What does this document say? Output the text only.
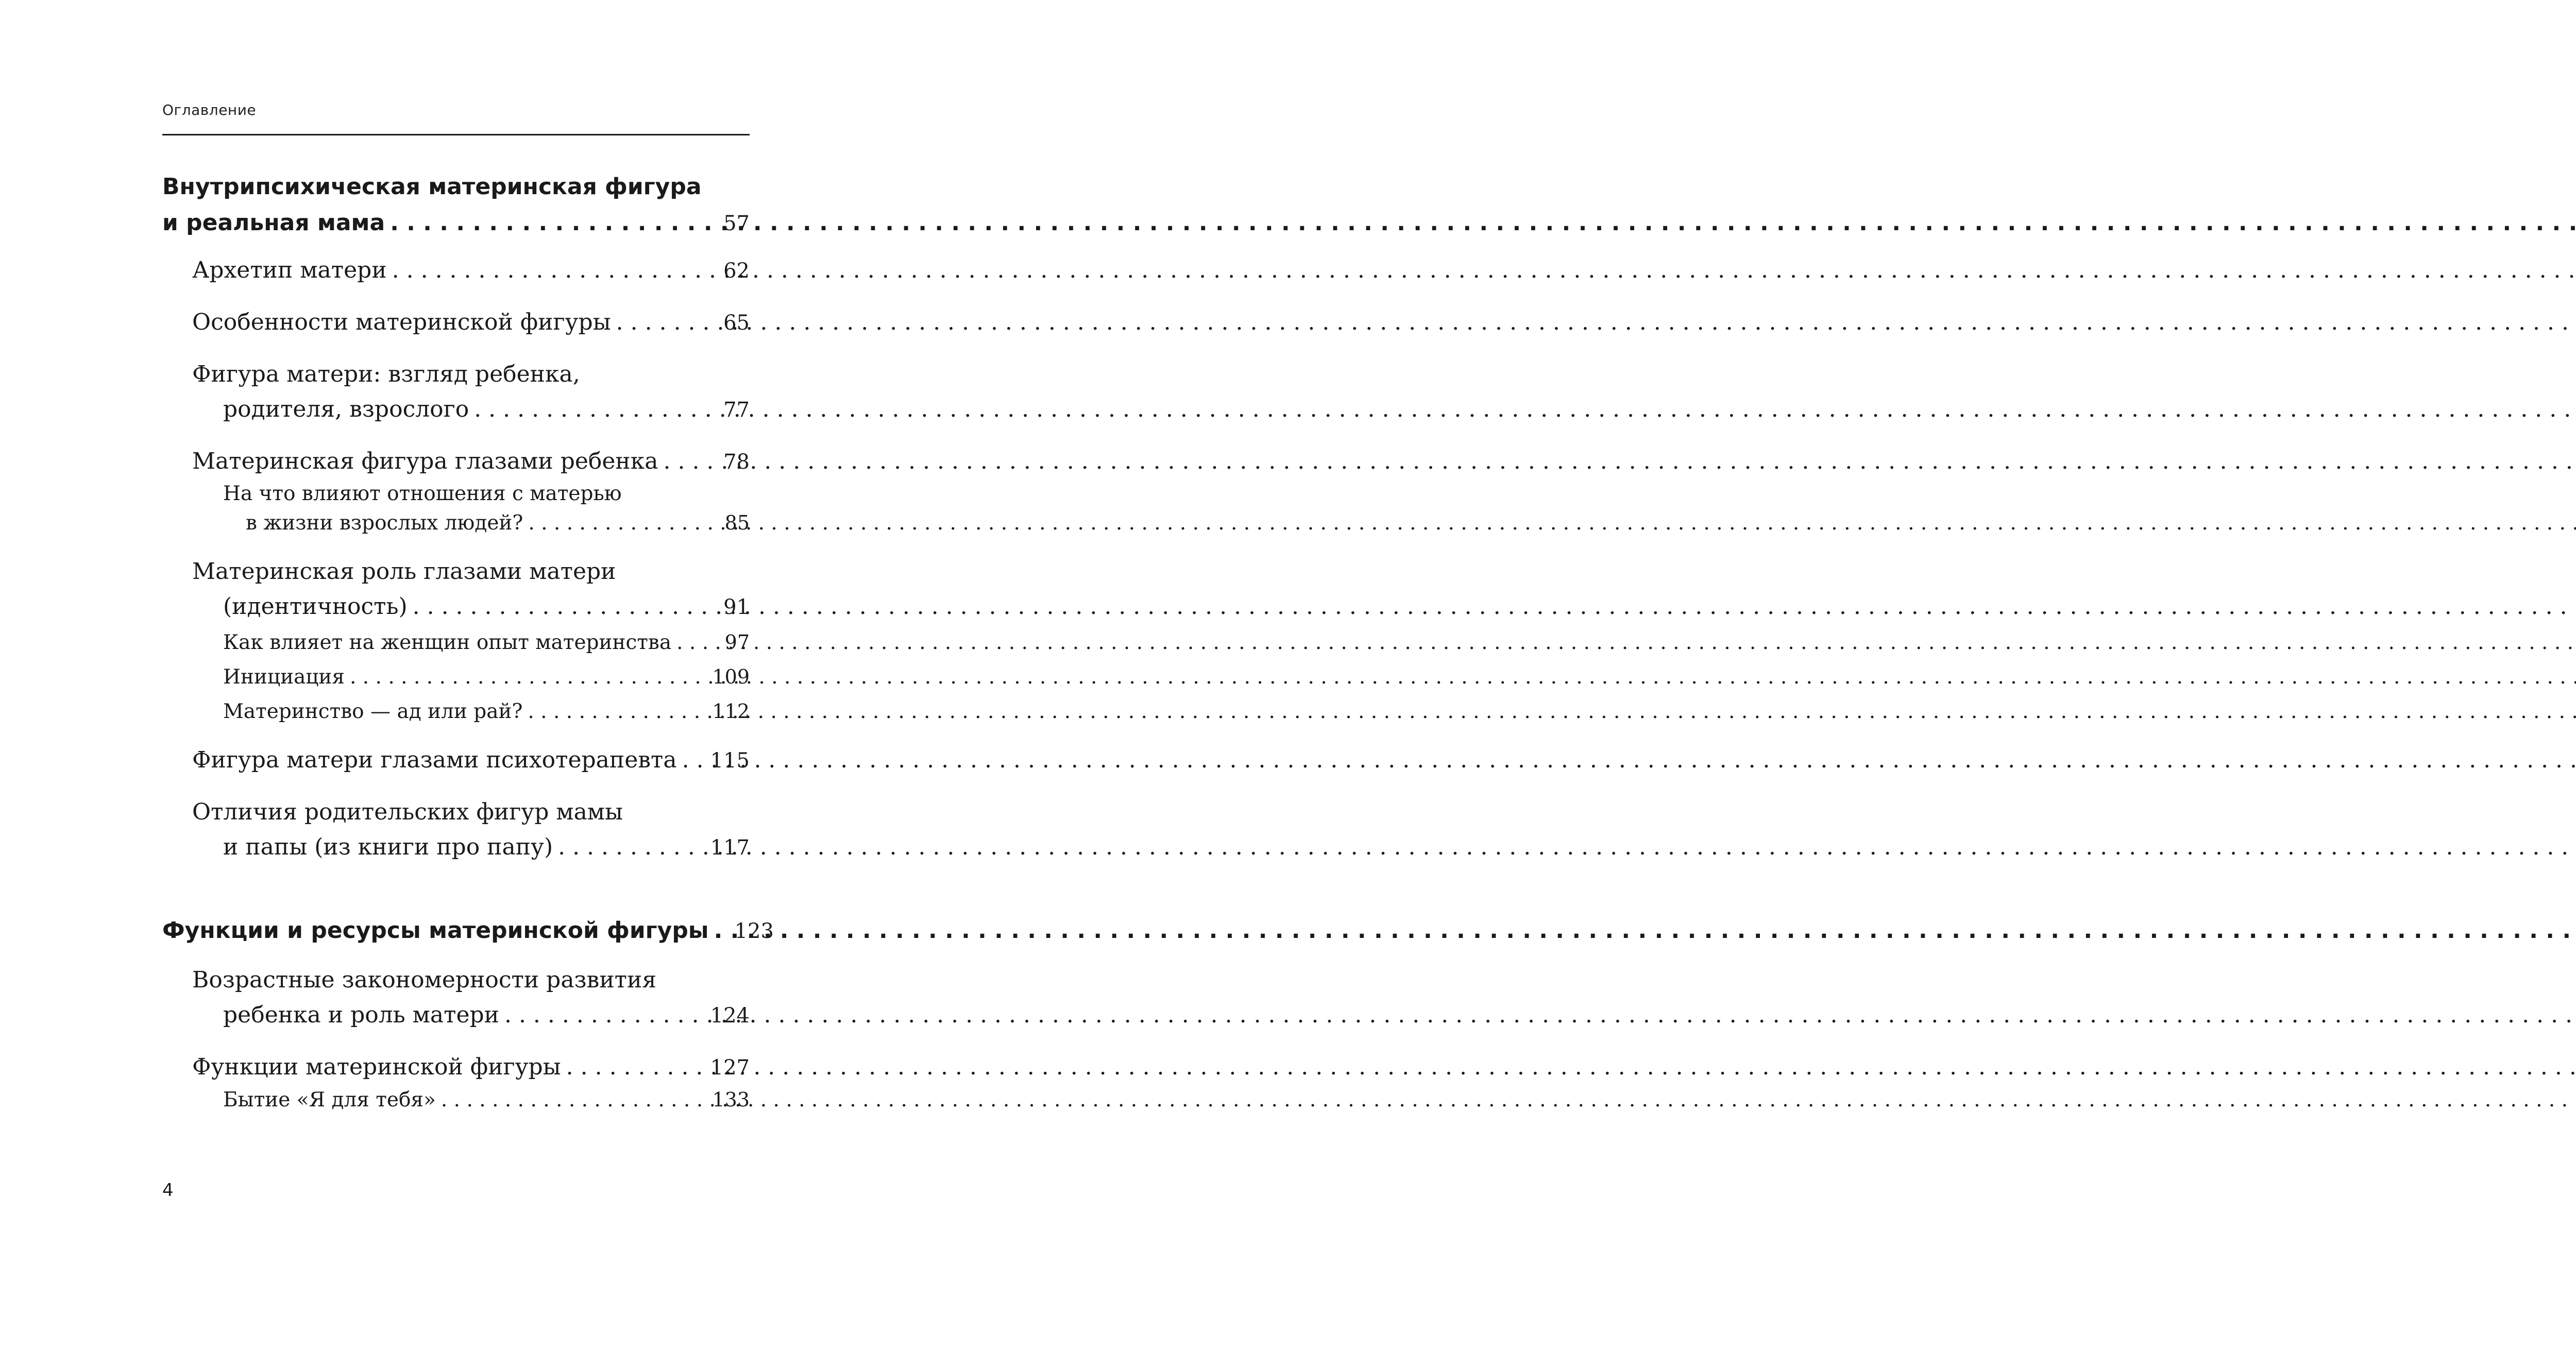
Оглавление
Внутрипсихическая материнская фигура
и реальная мама . . .	57
Архетип матери . . .	62
Особенности материнской фигуры . . .	65
Фигура матери: взгляд ребенка,
родителя, взрослого . . .	77
Материнская фигура глазами ребенка . . .	78
На что влияют отношения с матерью
в жизни взрослых людей? . . .	85
Материнская роль глазами матери
(идентичность) . . .	91
Как влияет на женщин опыт материнства . . .	97
Инициация . . .	109
Материнство — ад или рай? . . .	112
Фигура матери глазами психотерапевта . . . 115
Отличия родительских фигур мамы
и папы (из книги про папу) . . .	117
Функции и ресурсы материнской фигуры . . . 123
Возрастные закономерности развития
ребенка и роль матери . . .	124
Функции материнской фигуры . . .	127
Бытие «Я для тебя» . . .	133
4
